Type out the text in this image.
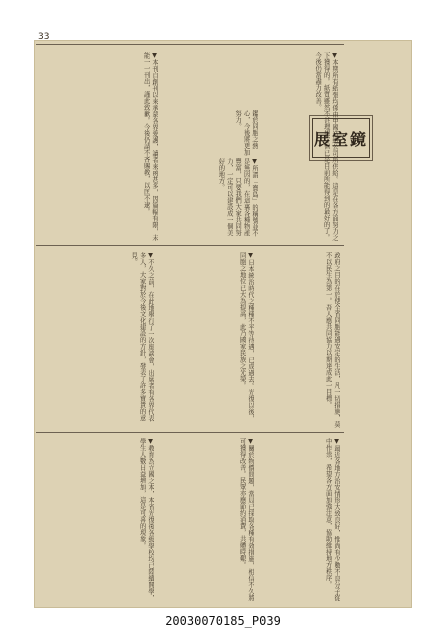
33
展室鏡
▼本期所有紙張均係由中國造紙公司所供給。這是在各方面努力之下獲得的。紙質雖然不甚理想，但已是目前所能得到的最好的了。今後仍當盡力改善。
鑑於同胞之熱心，今後將更加努力。
▼所謂「寶島」的稱號並不是無因的，在這裏各種物產豐富，只要我們大家共同努力，一定可以建設成一個美好的地方。
▼本刊自創刊以來承蒙各界愛護，讀者來函甚多，因篇幅有限，未能一一刊出，謹此致歉。今後仍請不吝賜教，以匡不逮。
政府之目的在於使全省同胞能過安定的生活，凡一切措施，莫不以民生為第一。吾人應共同協力以期達成此一目標。
▼日本統治時代之種種不平等待遇，已成過去。光復以後，同胞之地位已大為提高，此乃國家民族之光榮。
▼不久之前，在此地舉行了一次座談會，出席者有各界代表多人，大家對於今後文化建設的方針，發表了許多寶貴的意見。
▼最近各地方治安情形大致良好，惟尚有少數不良分子從中作祟，希望各方面加強注意，協助維持地方秩序。
▼關於物價問題，當局已採取各種有效措施，相信不久將可獲得改善。民眾亦應節約消費，共體時艱。
▼教育為立國之本，本省光復後各級學校均已陸續開學，學生人數日益增加，這是可喜的現象。
20030070185_P039
